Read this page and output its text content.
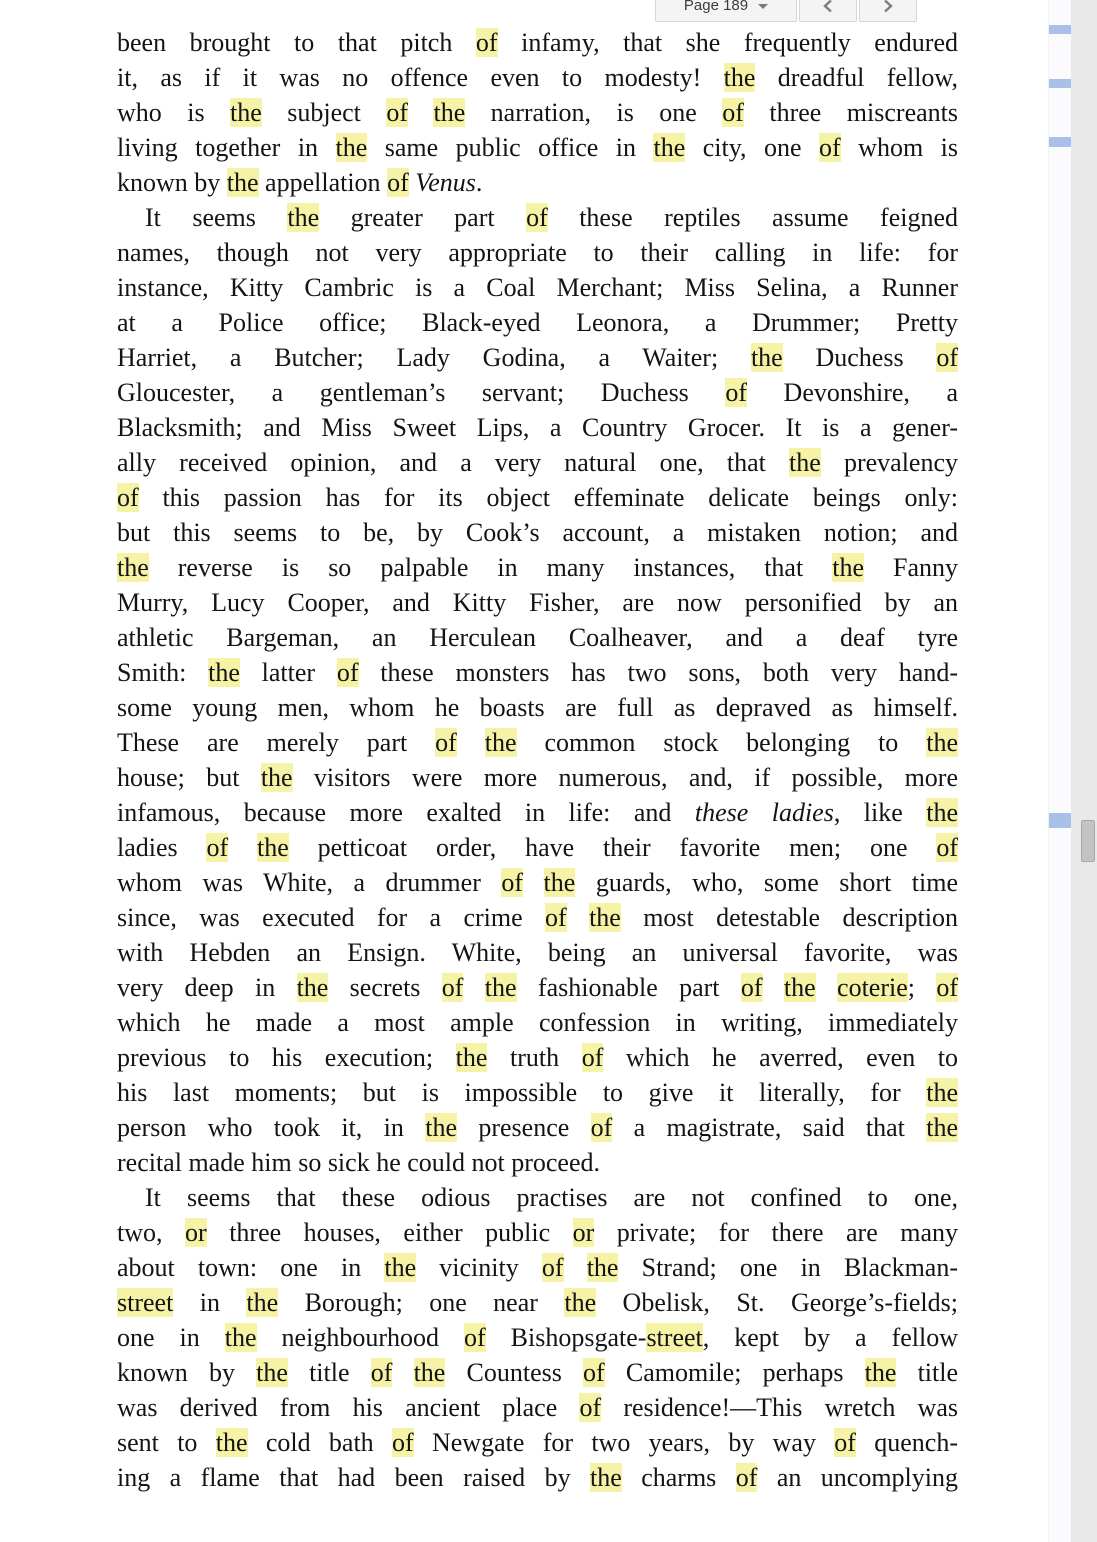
Page 189
been brought to that pitch of infamy, that she frequently endured
it, as if it was no offence even to modesty! the dreadful fellow,
who is the subject of the narration, is one of three miscreants
living together in the same public office in the city, one of whom is
known by the appellation of Venus.
It seems the greater part of these reptiles assume feigned
names, though not very appropriate to their calling in life: for
instance, Kitty Cambric is a Coal Merchant; Miss Selina, a Runner
at a Police office; Black-eyed Leonora, a Drummer; Pretty
Harriet, a Butcher; Lady Godina, a Waiter; the Duchess of
Gloucester, a gentleman’s servant; Duchess of Devonshire, a
Blacksmith; and Miss Sweet Lips, a Country Grocer. It is a gener-
ally received opinion, and a very natural one, that the prevalency
of this passion has for its object effeminate delicate beings only:
but this seems to be, by Cook’s account, a mistaken notion; and
the reverse is so palpable in many instances, that the Fanny
Murry, Lucy Cooper, and Kitty Fisher, are now personified by an
athletic Bargeman, an Herculean Coalheaver, and a deaf tyre
Smith: the latter of these monsters has two sons, both very hand-
some young men, whom he boasts are full as depraved as himself.
These are merely part of the common stock belonging to the
house; but the visitors were more numerous, and, if possible, more
infamous, because more exalted in life: and these ladies, like the
ladies of the petticoat order, have their favorite men; one of
whom was White, a drummer of the guards, who, some short time
since, was executed for a crime of the most detestable description
with Hebden an Ensign. White, being an universal favorite, was
very deep in the secrets of the fashionable part of the coterie; of
which he made a most ample confession in writing, immediately
previous to his execution; the truth of which he averred, even to
his last moments; but is impossible to give it literally, for the
person who took it, in the presence of a magistrate, said that the
recital made him so sick he could not proceed.
It seems that these odious practises are not confined to one,
two, or three houses, either public or private; for there are many
about town: one in the vicinity of the Strand; one in Blackman-
street in the Borough; one near the Obelisk, St. George’s-fields;
one in the neighbourhood of Bishopsgate-street, kept by a fellow
known by the title of the Countess of Camomile; perhaps the title
was derived from his ancient place of residence!—This wretch was
sent to the cold bath of Newgate for two years, by way of quench-
ing a flame that had been raised by the charms of an uncomplying
